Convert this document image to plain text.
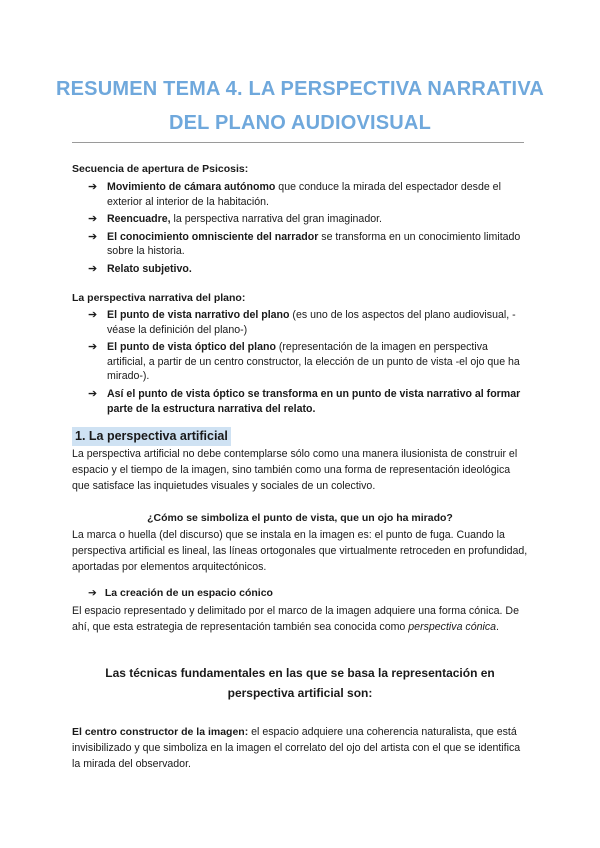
RESUMEN TEMA 4. LA PERSPECTIVA NARRATIVA
DEL PLANO AUDIOVISUAL
Secuencia de apertura de Psicosis:
➔ Movimiento de cámara autónomo que conduce la mirada del espectador desde el exterior al interior de la habitación.
➔ Reencuadre, la perspectiva narrativa del gran imaginador.
➔ El conocimiento omnisciente del narrador se transforma en un conocimiento limitado sobre la historia.
➔ Relato subjetivo.
La perspectiva narrativa del plano:
➔ El punto de vista narrativo del plano (es uno de los aspectos del plano audiovisual, -véase la definición del plano-)
➔ El punto de vista óptico del plano (representación de la imagen en perspectiva artificial, a partir de un centro constructor, la elección de un punto de vista -el ojo que ha mirado-).
➔ Así el punto de vista óptico se transforma en un punto de vista narrativo al formar parte de la estructura narrativa del relato.
1. La perspectiva artificial

La perspectiva artificial no debe contemplarse sólo como una manera ilusionista de construir el espacio y el tiempo de la imagen, sino también como una forma de representación ideológica que satisface las inquietudes visuales y sociales de un colectivo.

¿Cómo se simboliza el punto de vista, que un ojo ha mirado?

La marca o huella (del discurso) que se instala en la imagen es: el punto de fuga. Cuando la perspectiva artificial es lineal, las líneas ortogonales que virtualmente retroceden en profundidad, aportadas por elementos arquitectónicos.

➔ La creación de un espacio cónico

El espacio representado y delimitado por el marco de la imagen adquiere una forma cónica. De ahí, que esta estrategia de representación también sea conocida como perspectiva cónica.

Las técnicas fundamentales en las que se basa la representación en
perspectiva artificial son:

El centro constructor de la imagen: el espacio adquiere una coherencia naturalista, que está invisibilizado y que simboliza en la imagen el correlato del ojo del artista con el que se identifica la mirada del observador.
